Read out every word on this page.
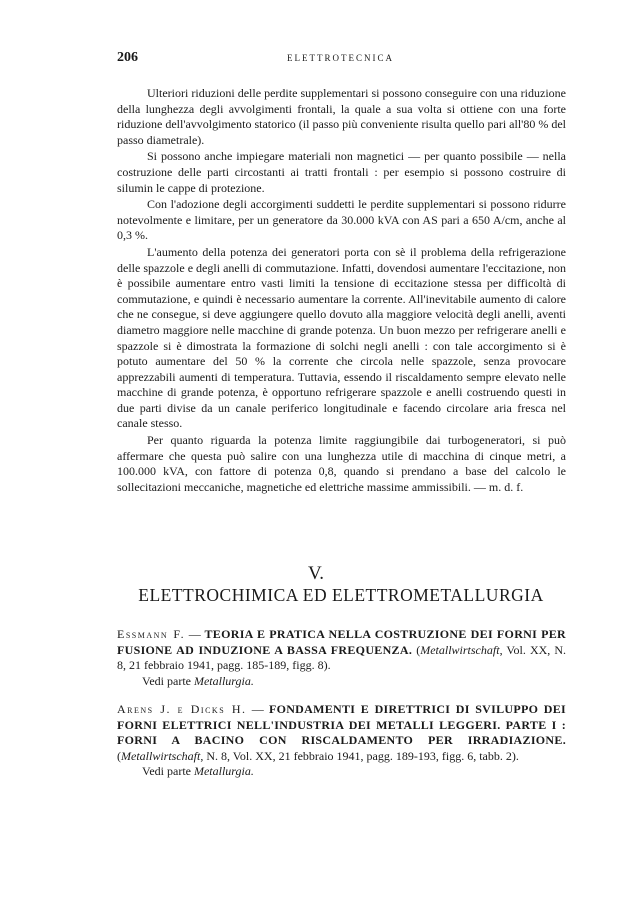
206	ELETTROTECNICA

Ulteriori riduzioni delle perdite supplementari si possono conseguire con una riduzione della lunghezza degli avvolgimenti frontali, la quale a sua volta si ottiene con una forte riduzione dell'avvolgimento statorico (il passo più conveniente risulta quello pari all'80 % del passo diametrale).

Si possono anche impiegare materiali non magnetici — per quanto possibile — nella costruzione delle parti circostanti ai tratti frontali : per esempio si possono costruire di silumin le cappe di protezione.

Con l'adozione degli accorgimenti suddetti le perdite supplementari si possono ridurre notevolmente e limitare, per un generatore da 30.000 kVA con AS pari a 650 A/cm, anche al 0,3 %.

L'aumento della potenza dei generatori porta con sè il problema della refrigerazione delle spazzole e degli anelli di commutazione. Infatti, dovendosi aumentare l'eccitazione, non è possibile aumentare entro vasti limiti la tensione di eccitazione stessa per difficoltà di commutazione, e quindi è necessario aumentare la corrente. All'inevitabile aumento di calore che ne consegue, si deve aggiungere quello dovuto alla maggiore velocità degli anelli, aventi diametro maggiore nelle macchine di grande potenza. Un buon mezzo per refrigerare anelli e spazzole si è dimostrata la formazione di solchi negli anelli : con tale accorgimento si è potuto aumentare del 50 % la corrente che circola nelle spazzole, senza provocare apprezzabili aumenti di temperatura. Tuttavia, essendo il riscaldamento sempre elevato nelle macchine di grande potenza, è opportuno refrigerare spazzole e anelli costruendo questi in due parti divise da un canale periferico longitudinale e facendo circolare aria fresca nel canale stesso.

Per quanto riguarda la potenza limite raggiungibile dai turbogeneratori, si può affermare che questa può salire con una lunghezza utile di macchina di cinque metri, a 100.000 kVA, con fattore di potenza 0,8, quando si prendano a base del calcolo le sollecitazioni meccaniche, magnetiche ed elettriche massime ammissibili. — m. d. f.

V.
ELETTROCHIMICA ED ELETTROMETALLURGIA
Essmann F. — TEORIA E PRATICA NELLA COSTRUZIONE DEI FORNI PER FUSIONE AD INDUZIONE A BASSA FREQUENZA. (Metallwirtschaft, Vol. XX, N. 8, 21 febbraio 1941, pagg. 185-189, figg. 8).
Vedi parte Metallurgia.
Arens J. e Dicks H. — FONDAMENTI E DIRETTRICI DI SVILUPPO DEI FORNI ELETTRICI NELL'INDUSTRIA DEI METALLI LEGGERI. PARTE I : FORNI A BACINO CON RISCALDAMENTO PER IRRADIAZIONE. (Metallwirtschaft, N. 8, Vol. XX, 21 febbraio 1941, pagg. 189-193, figg. 6, tabb. 2).
Vedi parte Metallurgia.
